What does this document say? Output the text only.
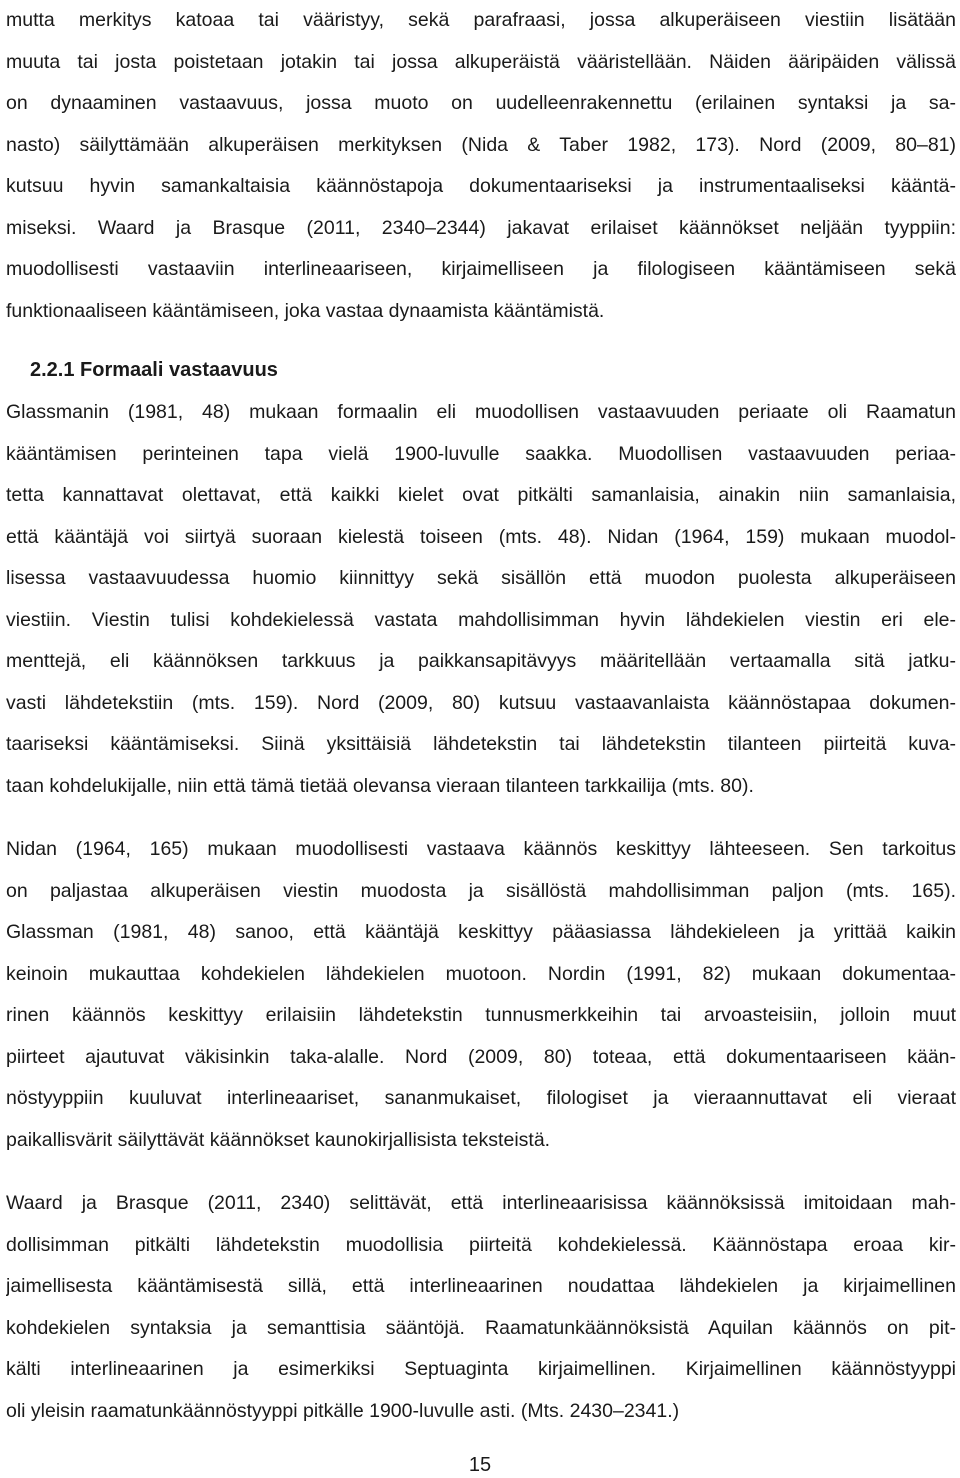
mutta merkitys katoaa tai vääristyy, sekä parafraasi, jossa alkuperäiseen viestiin lisätään
muuta tai josta poistetaan jotakin tai jossa alkuperäistä vääristellään. Näiden ääripäiden välissä
on dynaaminen vastaavuus, jossa muoto on uudelleenrakennettu (erilainen syntaksi ja sa-
nasto) säilyttämään alkuperäisen merkityksen (Nida & Taber 1982, 173). Nord (2009, 80–81)
kutsuu hyvin samankaltaisia käännöstapoja dokumentaariseksi ja instrumentaaliseksi kääntä-
miseksi. Waard ja Brasque (2011, 2340–2344) jakavat erilaiset käännökset neljään tyyppiin:
muodollisesti vastaaviin interlineaariseen, kirjaimelliseen ja filologiseen kääntämiseen sekä
funktionaaliseen kääntämiseen, joka vastaa dynaamista kääntämistä.
2.2.1 Formaali vastaavuus
Glassmanin (1981, 48) mukaan formaalin eli muodollisen vastaavuuden periaate oli Raamatun
kääntämisen perinteinen tapa vielä 1900-luvulle saakka. Muodollisen vastaavuuden periaa-
tetta kannattavat olettavat, että kaikki kielet ovat pitkälti samanlaisia, ainakin niin samanlaisia,
että kääntäjä voi siirtyä suoraan kielestä toiseen (mts. 48). Nidan (1964, 159) mukaan muodol-
lisessa vastaavuudessa huomio kiinnittyy sekä sisällön että muodon puolesta alkuperäiseen
viestiin. Viestin tulisi kohdekielessä vastata mahdollisimman hyvin lähdekielen viestin eri ele-
menttejä, eli käännöksen tarkkuus ja paikkansapitävyys määritellään vertaamalla sitä jatku-
vasti lähdetekstiin (mts. 159). Nord (2009, 80) kutsuu vastaavanlaista käännöstapaa dokumen-
taariseksi kääntämiseksi. Siinä yksittäisiä lähdetekstin tai lähdetekstin tilanteen piirteitä kuva-
taan kohdelukijalle, niin että tämä tietää olevansa vieraan tilanteen tarkkailija (mts. 80).
Nidan (1964, 165) mukaan muodollisesti vastaava käännös keskittyy lähteeseen. Sen tarkoitus
on paljastaa alkuperäisen viestin muodosta ja sisällöstä mahdollisimman paljon (mts. 165).
Glassman (1981, 48) sanoo, että kääntäjä keskittyy pääasiassa lähdekieleen ja yrittää kaikin
keinoin mukauttaa kohdekielen lähdekielen muotoon. Nordin (1991, 82) mukaan dokumentaa-
rinen käännös keskittyy erilaisiin lähdetekstin tunnusmerkkeihin tai arvoasteisiin, jolloin muut
piirteet ajautuvat väkisinkin taka-alalle. Nord (2009, 80) toteaa, että dokumentaariseen kään-
nöstyyppiin kuuluvat interlineaariset, sananmukaiset, filologiset ja vieraannuttavat eli vieraat
paikallisvärit säilyttävät käännökset kaunokirjallisista teksteistä.
Waard ja Brasque (2011, 2340) selittävät, että interlineaarisissa käännöksissä imitoidaan mah-
dollisimman pitkälti lähdetekstin muodollisia piirteitä kohdekielessä. Käännöstapa eroaa kir-
jaimellisesta kääntämisestä sillä, että interlineaarinen noudattaa lähdekielen ja kirjaimellinen
kohdekielen syntaksia ja semanttisia sääntöjä. Raamatunkäännöksistä Aquilan käännös on pit-
kälti interlineaarinen ja esimerkiksi Septuaginta kirjaimellinen. Kirjaimellinen käännöstyyppi
oli yleisin raamatunkäännöstyyppi pitkälle 1900-luvulle asti. (Mts. 2430–2341.)
15
